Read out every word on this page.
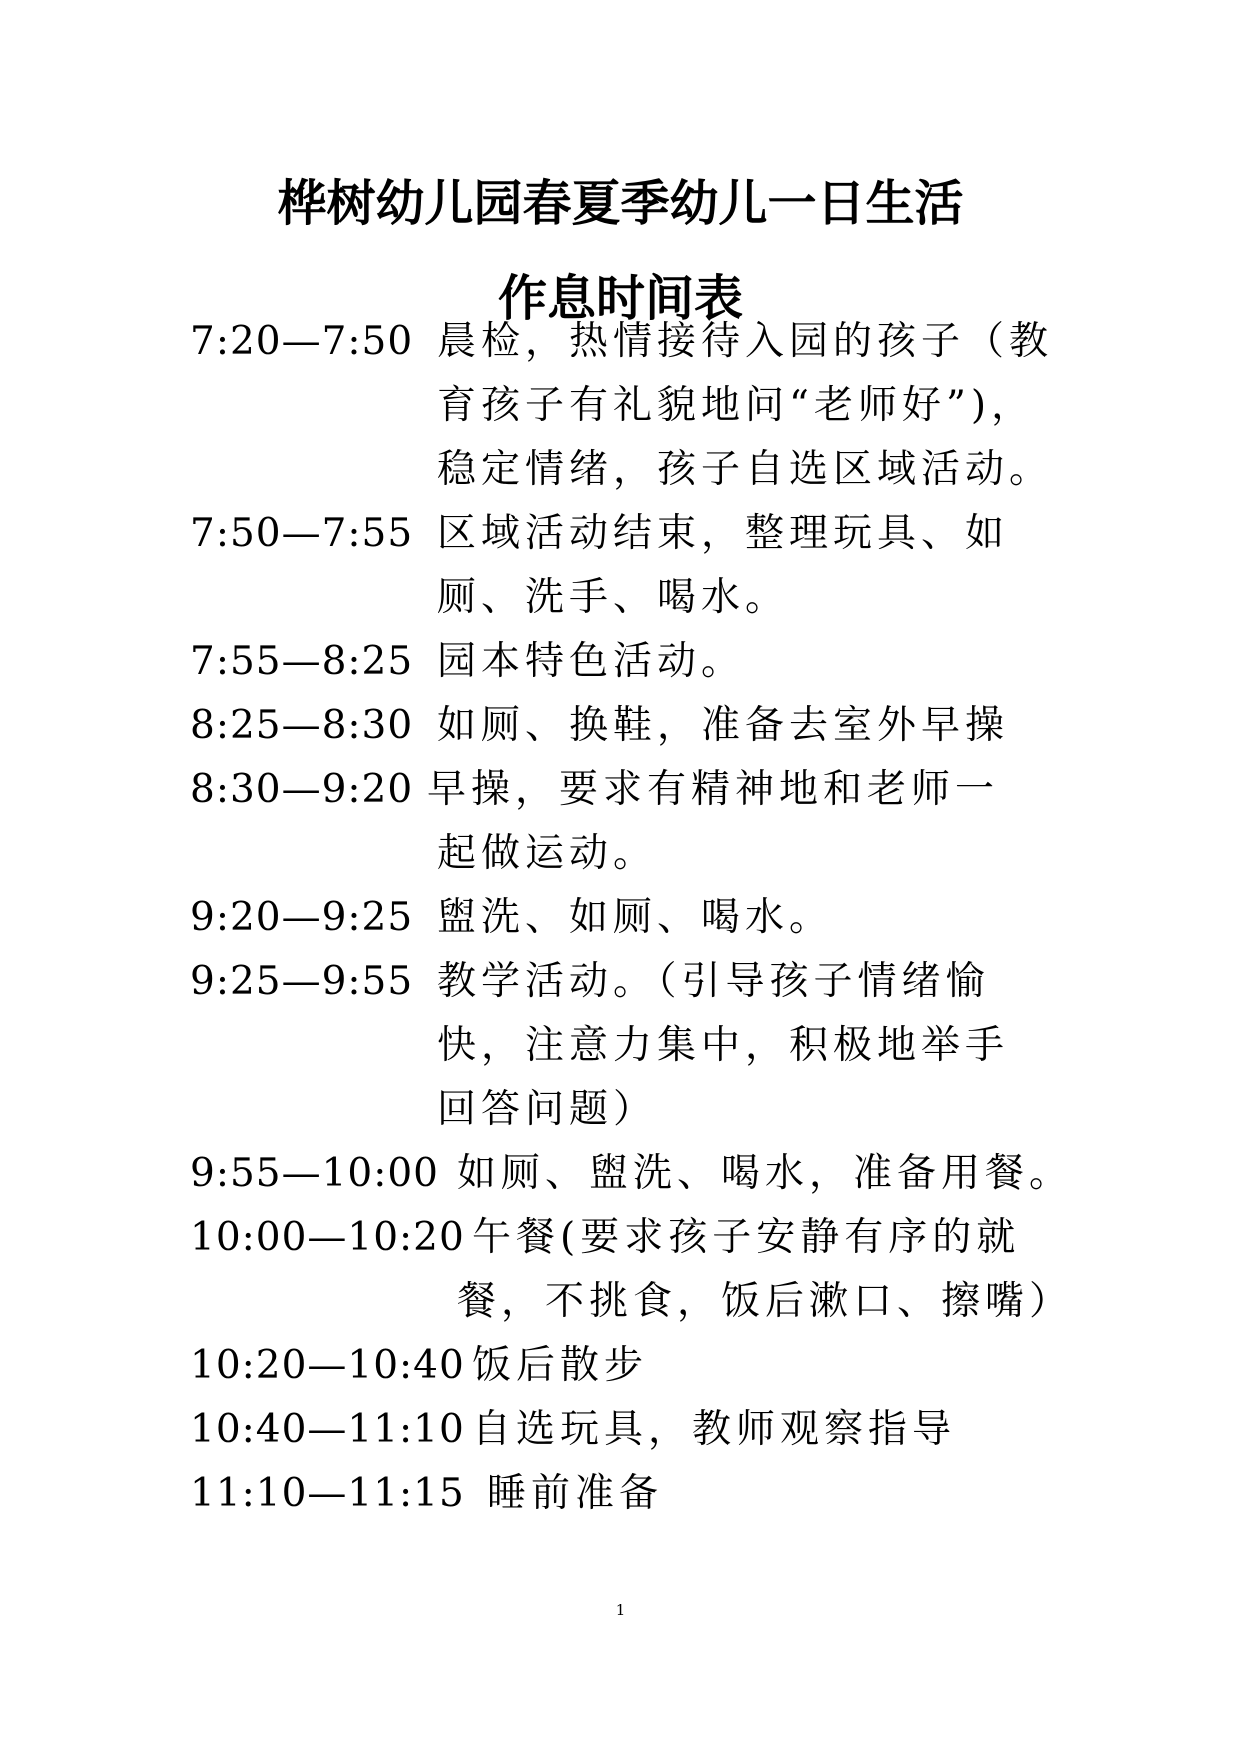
桦树幼儿园春夏季幼儿一日生活
作息时间表
7:20—7:50 晨检，热情接待入园的孩子（教
育孩子有礼貌地问“老师好”)，
稳定情绪，孩子自选区域活动。
7:50—7:55 区域活动结束，整理玩具、如
厕、洗手、喝水。
7:55—8:25 园本特色活动。
8:25—8:30 如厕、换鞋，准备去室外早操
8:30—9:20 早操，要求有精神地和老师一
起做运动。
9:20—9:25 盥洗、如厕、喝水。
9:25—9:55 教学活动。（引导孩子情绪愉
快，注意力集中，积极地举手
回答问题）
9:55—10:00 如厕、盥洗、喝水，准备用餐。
10:00—10:20 午餐(要求孩子安静有序的就
餐，不挑食，饭后漱口、擦嘴）
10:20—10:40 饭后散步
10:40—11:10 自选玩具，教师观察指导
11:10—11:15 睡前准备
1
